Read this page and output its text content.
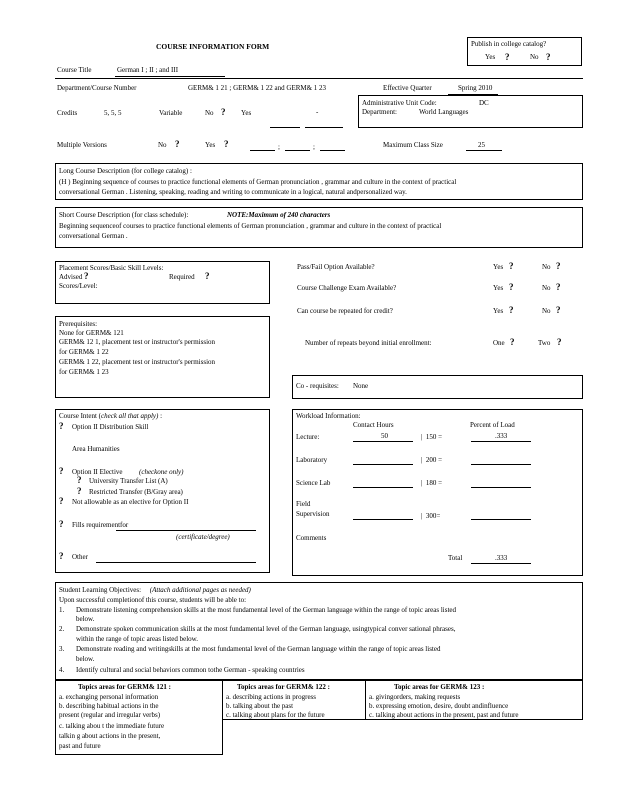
COURSE INFORMATION FORM	Publish in college catalog?
Yes ?	No ?
Course Title	German I ; II ; and III
Department/Course Number	GERM& 1 21 ; GERM& 1 22 and GERM& 1 23	Effective Quarter	Spring 2010
Administrative Unit Code:	DC
Department:	World Languages
Credits	5, 5, 5	Variable	No ? Yes	-
Multiple Versions	No ?	Yes ?	;	;	Maximum Class Size	25
Long Course Description (for college catalog) :
(H ) Beginning sequence of courses to practice functional elements of German pronunciation , grammar and culture in the context of practical
conversational German . Listening, speaking, reading and writing to communicate in a logical, natural andpersonalized way.
Short Course Description (for class schedule):	NOTE:Maximum of 240 characters
Beginning sequenceof courses to practice functional elements of German pronunciation , grammar and culture in the context of practical
conversational German .
Placement Scores/Basic Skill Levels:
Advised ?	Required ?
Scores/Level:
Pass/Fail Option Available?	Yes ?	No ?
Course Challenge Exam Available?	Yes ?	No ?
Can course be repeated for credit?	Yes ?	No ?
Number of repeats beyond initial enrollment:	One ?	Two ?
Prerequisites:
None for GERM& 121
GERM& 12 1, placement test or instructor's permission
for GERM& 1 22
GERM& 1 22, placement test or instructor's permission
for GERM& 1 23
Co - requisites: None
Course Intent (check all that apply) :
? Option II Distribution Skill
Area Humanities
? Option II Elective (checkone only)
? University Transfer List (A)
? Restricted Transfer (B/Gray area)
? Not allowable as an elective for Option II
? Fills requirementfor
(certificate/degree)
? Other
Workload Information:
Contact Hours	Percent of Load
Lecture:	50	|  150 =	.333
Laboratory	|  200 =
Science Lab	|  180 =
Field
Supervision	|  300=
Comments
Total	.333
Student Learning Objectives: (Attach additional pages as needed)
Upon successful completionof this course, students will be able to:
1. Demonstrate listening comprehension skills at the most fundamental level of the German language within the range of topic areas listed
below.
2. Demonstrate spoken communication skills at the most fundamental level of the German language, usingtypical conver sational phrases,
within the range of topic areas listed below.
3. Demonstrate reading and writingskills at the most fundamental level of the German language within the range of topic areas listed
below.
4. Identify cultural and social behaviors common tothe German - speaking countries
Topics areas for GERM& 121 :
a. exchanging personal information
b. describing habitual actions in the
present (regular and irregular verbs)
c. talking abou t the immediate future
talkin g about actions in the present,
past and future
Topics areas for GERM& 122 :
a. describing actions in progress
b. talking about the past
c. talking about plans for the future
Topic areas for GERM& 123 :
a. givingorders, making requests
b. expressing emotion, desire, doubt andinfluence
c. talking about actions in the present, past and future
